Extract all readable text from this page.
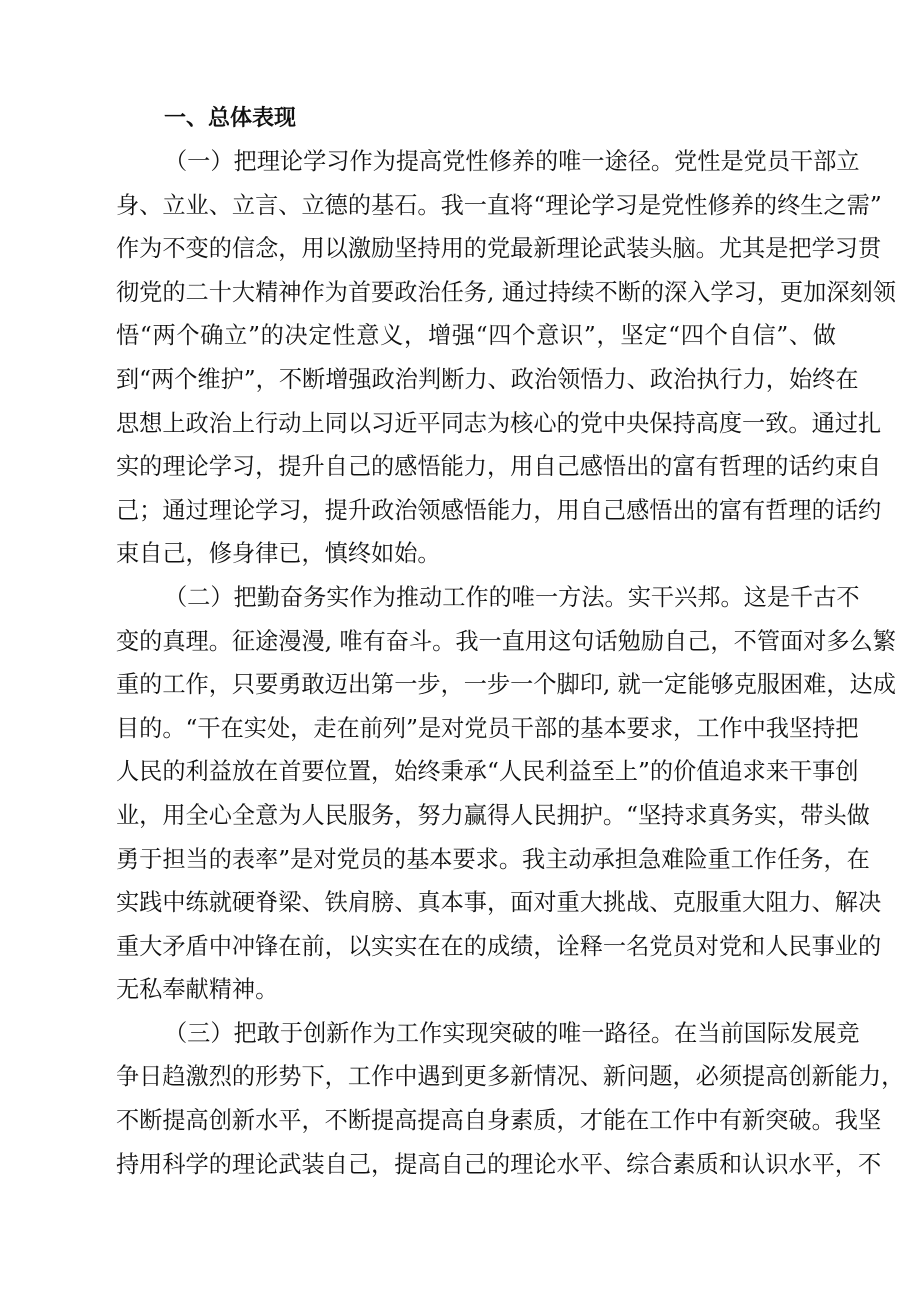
一、总体表现
（一）把理论学习作为提高党性修养的唯一途径。党性是党员干部立
身、立业、立言、立德的基石。我一直将“理论学习是党性修养的终生之需”
作为不变的信念，用以激励坚持用的党最新理论武装头脑。尤其是把学习贯
彻党的二十大精神作为首要政治任务, 通过持续不断的深入学习，更加深刻领
悟“两个确立”的决定性意义，增强“四个意识”，坚定“四个自信”、做
到“两个维护”，不断增强政治判断力、政治领悟力、政治执行力，始终在
思想上政治上行动上同以习近平同志为核心的党中央保持高度一致。通过扎
实的理论学习，提升自己的感悟能力，用自己感悟出的富有哲理的话约束自
己；通过理论学习，提升政治领感悟能力，用自己感悟出的富有哲理的话约
束自己，修身律已，慎终如始。
（二）把勤奋务实作为推动工作的唯一方法。实干兴邦。这是千古不
变的真理。征途漫漫, 唯有奋斗。我一直用这句话勉励自己，不管面对多么繁
重的工作，只要勇敢迈出第一步，一步一个脚印, 就一定能够克服困难，达成
目的。“干在实处，走在前列”是对党员干部的基本要求，工作中我坚持把
人民的利益放在首要位置，始终秉承“人民利益至上”的价值追求来干事创
业，用全心全意为人民服务，努力赢得人民拥护。“坚持求真务实，带头做
勇于担当的表率”是对党员的基本要求。我主动承担急难险重工作任务，在
实践中练就硬脊梁、铁肩膀、真本事，面对重大挑战、克服重大阻力、解决
重大矛盾中冲锋在前，以实实在在的成绩，诠释一名党员对党和人民事业的
无私奉献精神。
（三）把敢于创新作为工作实现突破的唯一路径。在当前国际发展竞
争日趋激烈的形势下，工作中遇到更多新情况、新问题，必须提高创新能力，
不断提高创新水平，不断提高提高自身素质，才能在工作中有新突破。我坚
持用科学的理论武装自己，提高自己的理论水平、综合素质和认识水平，不
